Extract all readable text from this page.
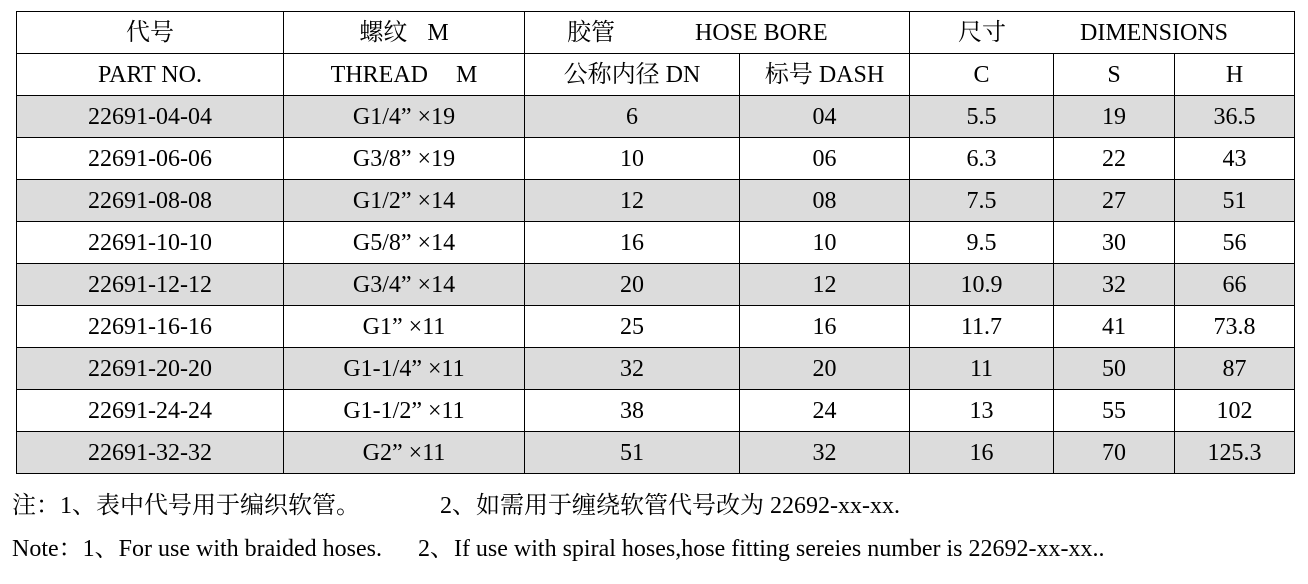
代号	螺纹 M	胶管 HOSE BORE		尺寸 DIMENSIONS		

PART NO.	THREAD M	公称内径 DN	标号 DASH	C	S	H
22691-04-04	G1/4” ×19	6	04	5.5	19	36.5
22691-06-06	G3/8” ×19	10	06	6.3	22	43
22691-08-08	G1/2” ×14	12	08	7.5	27	51
22691-10-10	G5/8” ×14	16	10	9.5	30	56
22691-12-12	G3/4” ×14	20	12	10.9	32	66
22691-16-16	G1” ×11	25	16	11.7	41	73.8
22691-20-20	G1-1/4” ×11	32	20	11	50	87
22691-24-24	G1-1/2” ×11	38	24	13	55	102
22691-32-32	G2” ×11	51	32	16	70	125.3
注：1、表中代号用于编织软管。	2、如需用于缠绕软管代号改为 22692-xx-xx.
Note：1、For use with braided hoses. 2、If use with spiral hoses,hose fitting sereies number is 22692-xx-xx..
